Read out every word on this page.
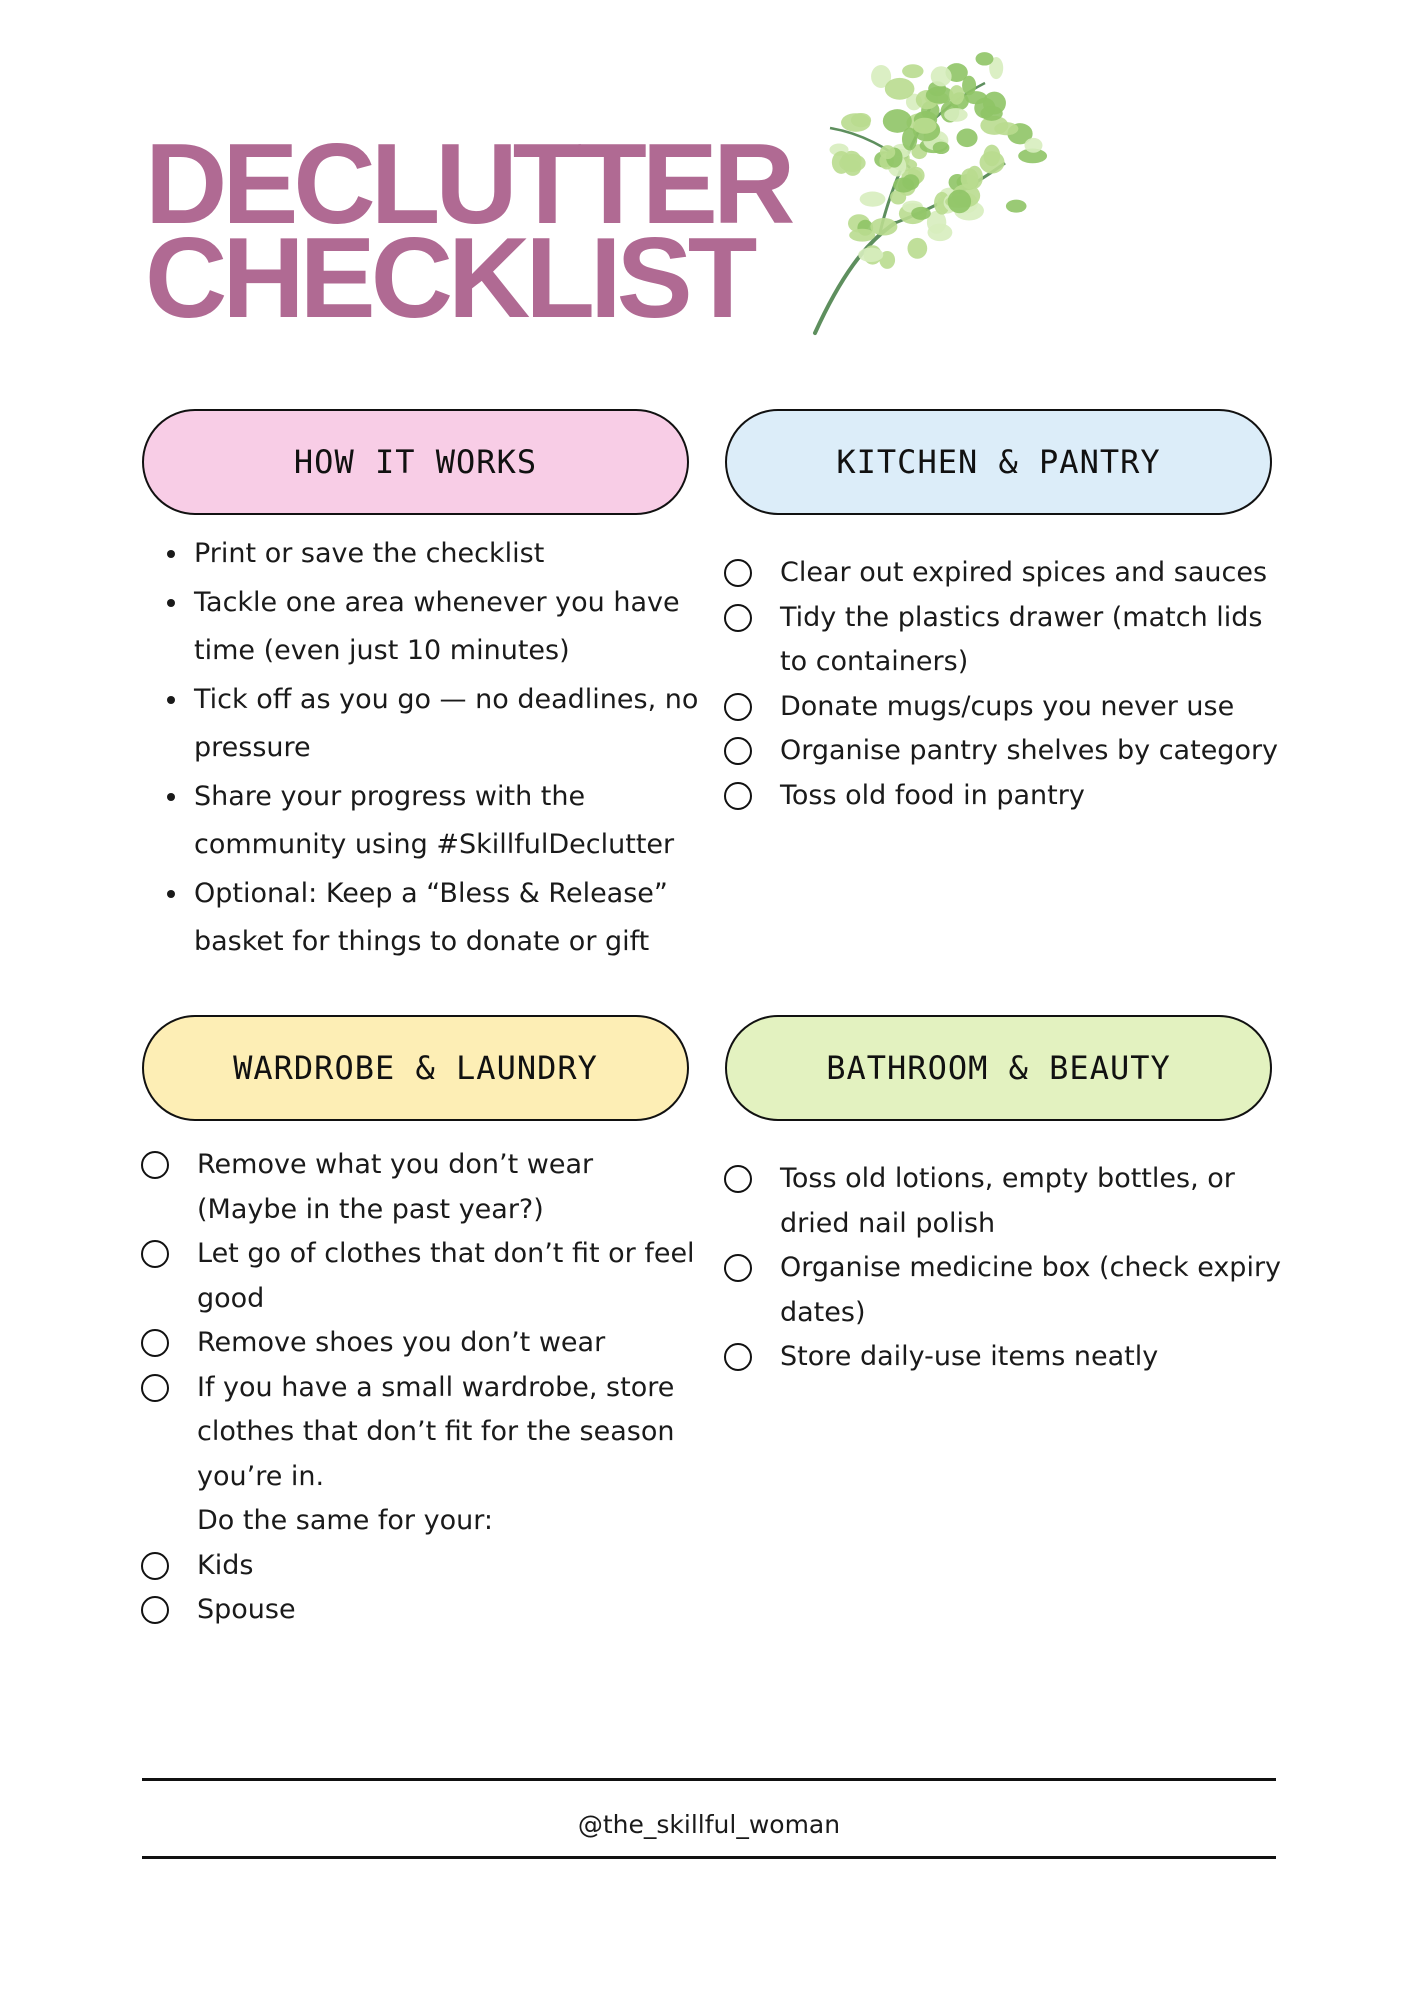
DECLUTTER
CHECKLIST
HOW IT WORKS	KITCHEN & PANTRY
• Print or save the checklist
• Tackle one area whenever you have time (even just 10 minutes)
• Tick off as you go — no deadlines, no pressure
• Share your progress with the community using #SkillfulDeclutter
• Optional: Keep a “Bless & Release” basket for things to donate or gift
Clear out expired spices and sauces
Tidy the plastics drawer (match lids to containers)
Donate mugs/cups you never use
Organise pantry shelves by category
Toss old food in pantry
WARDROBE & LAUNDRY	BATHROOM & BEAUTY
Remove what you don’t wear (Maybe in the past year?)
Let go of clothes that don’t fit or feel good
Remove shoes you don’t wear
If you have a small wardrobe, store clothes that don’t fit for the season you’re in.
Do the same for your:
Kids
Spouse
Toss old lotions, empty bottles, or dried nail polish
Organise medicine box (check expiry dates)
Store daily-use items neatly
@the_skillful_woman
